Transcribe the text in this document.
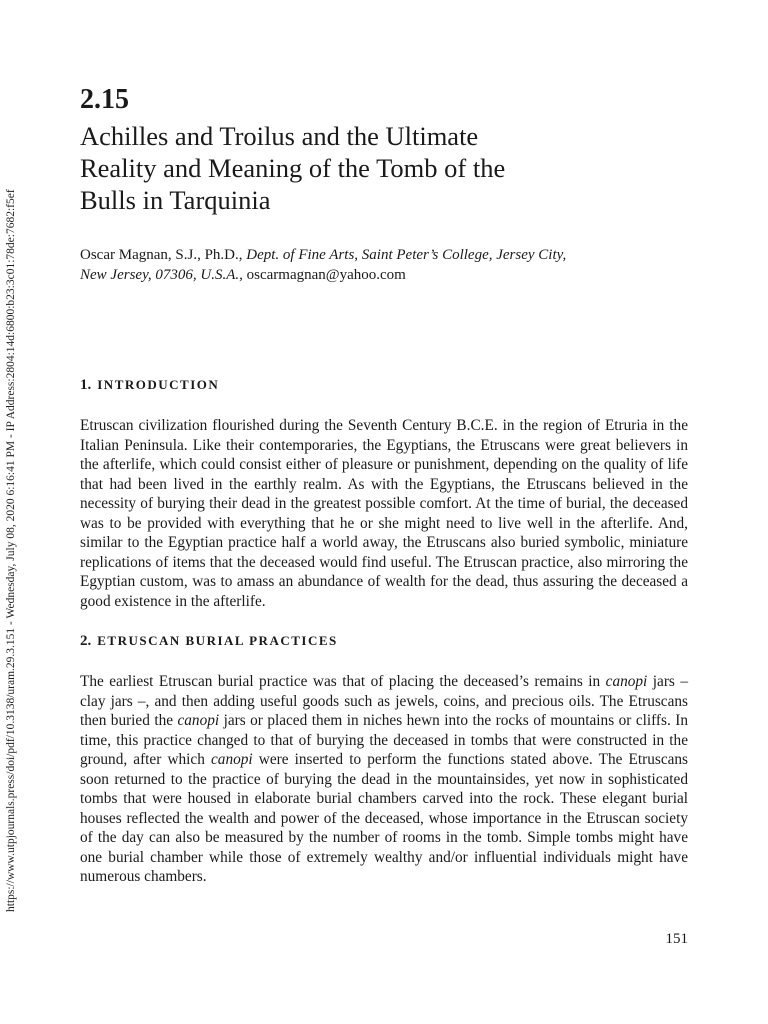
https://www.utpjournals.press/doi/pdf/10.3138/uram.29.3.151 - Wednesday, July 08, 2020 6:16:41 PM - IP Address:2804:14d:6800:b23:3c01:78de:7682:f5ef
2.15
Achilles and Troilus and the Ultimate
Reality and Meaning of the Tomb of the
Bulls in Tarquinia
Oscar Magnan, S.J., Ph.D., Dept. of Fine Arts, Saint Peter’s College, Jersey City,
New Jersey, 07306, U.S.A., oscarmagnan@yahoo.com
1. INTRODUCTION

Etruscan civilization flourished during the Seventh Century B.C.E. in the region of Etruria in the Italian Peninsula. Like their contemporaries, the Egyptians, the Etruscans were great believers in the afterlife, which could consist either of pleasure or punishment, depending on the quality of life that had been lived in the earthly realm. As with the Egyptians, the Etruscans believed in the necessity of burying their dead in the greatest possible comfort. At the time of burial, the deceased was to be provided with everything that he or she might need to live well in the afterlife. And, similar to the Egyptian practice half a world away, the Etruscans also buried symbolic, miniature replications of items that the deceased would find useful. The Etruscan practice, also mirroring the Egyptian custom, was to amass an abundance of wealth for the dead, thus assuring the deceased a good existence in the afterlife.

2. ETRUSCAN BURIAL PRACTICES

The earliest Etruscan burial practice was that of placing the deceased’s remains in canopi jars – clay jars –, and then adding useful goods such as jewels, coins, and precious oils. The Etruscans then buried the canopi jars or placed them in niches hewn into the rocks of mountains or cliffs. In time, this practice changed to that of burying the deceased in tombs that were constructed in the ground, after which canopi were inserted to perform the functions stated above. The Etruscans soon returned to the practice of burying the dead in the mountainsides, yet now in sophisticated tombs that were housed in elaborate burial chambers carved into the rock. These elegant burial houses reflected the wealth and power of the deceased, whose importance in the Etruscan society of the day can also be measured by the number of rooms in the tomb. Simple tombs might have one burial chamber while those of extremely wealthy and/or influential individuals might have numerous chambers.

151
